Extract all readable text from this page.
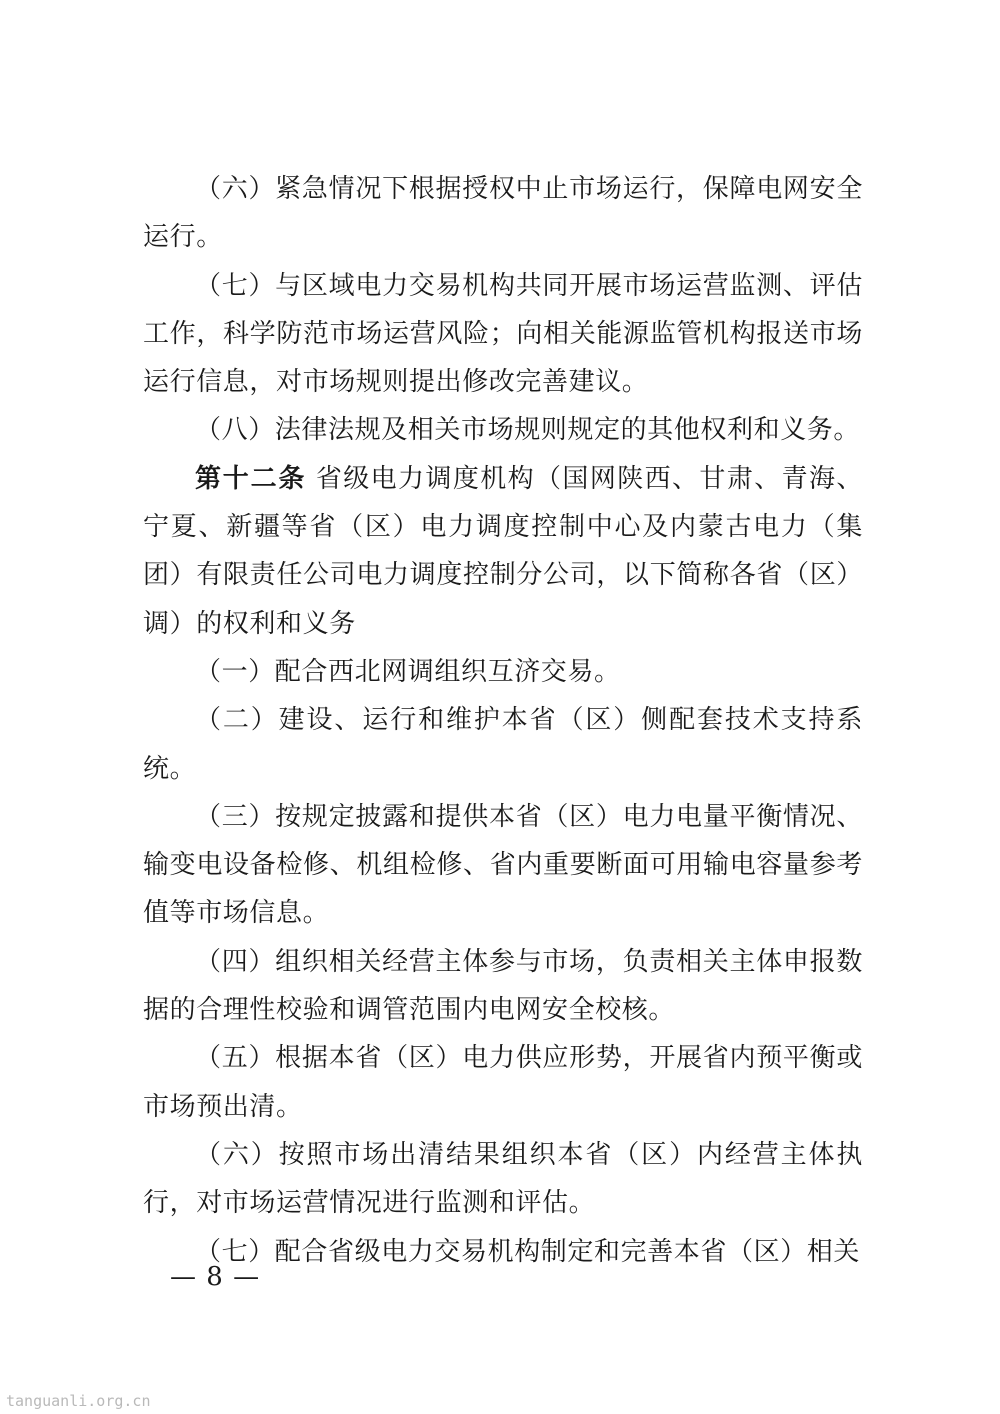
（六）紧急情况下根据授权中止市场运行，保障电网安全运行。

（七）与区域电力交易机构共同开展市场运营监测、评估工作，科学防范市场运营风险；向相关能源监管机构报送市场运行信息，对市场规则提出修改完善建议。

（八）法律法规及相关市场规则规定的其他权利和义务。

第十二条 省级电力调度机构（国网陕西、甘肃、青海、宁夏、新疆等省（区）电力调度控制中心及内蒙古电力（集团）有限责任公司电力调度控制分公司，以下简称各省（区）调）的权利和义务

（一）配合西北网调组织互济交易。

（二）建设、运行和维护本省（区）侧配套技术支持系统。

（三）按规定披露和提供本省（区）电力电量平衡情况、输变电设备检修、机组检修、省内重要断面可用输电容量参考值等市场信息。

（四）组织相关经营主体参与市场，负责相关主体申报数据的合理性校验和调管范围内电网安全校核。

（五）根据本省（区）电力供应形势，开展省内预平衡或市场预出清。

（六）按照市场出清结果组织本省（区）内经营主体执行，对市场运营情况进行监测和评估。

（七）配合省级电力交易机构制定和完善本省（区）相关

— 8 —
tanguanli.org.cn
